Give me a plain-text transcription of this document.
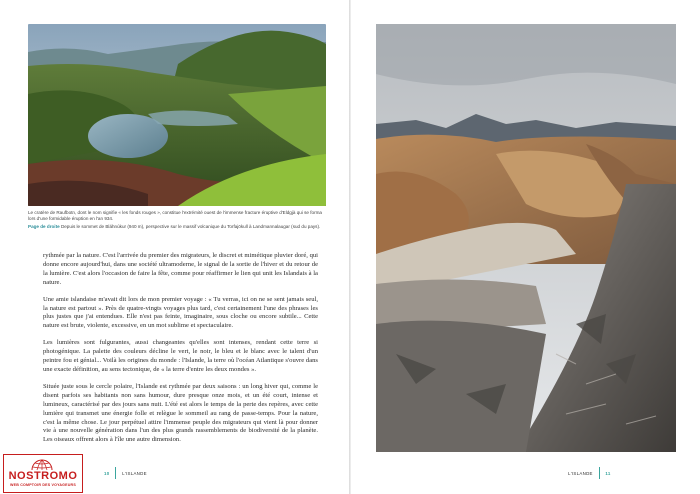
Le cratère de Raufbotn, dont le nom signifie « les fonds rouges », constitue l'extrémité ouest de l'immense fracture éruptive d'Eldgjà qui se forma lors d'une formidable éruption en l'an 934.

Page de droite Depuis le sommet de Bláhnúkur (940 m), perspective sur le massif volcanique du Torfajökull à Landmannalaugar (sud du pays).

rythmée par la nature. C'est l'arrivée du premier des migrateurs, le discret et mimétique pluvier doré, qui donne encore aujourd'hui, dans une société ultramoderne, le signal de la sortie de l'hiver et du retour de la lumière. C'est alors l'occasion de faire la fête, comme pour réaffirmer le lien qui unit les Islandais à la nature.

Une amie islandaise m'avait dit lors de mon premier voyage : « Tu verras, ici on ne se sent jamais seul, la nature est partout ». Près de quatre-vingts voyages plus tard, c'est certainement l'une des phrases les plus justes que j'ai entendues. Elle n'est pas feinte, imaginaire, sous cloche ou encore subtile... Cette nature est brute, violente, excessive, en un mot sublime et spectaculaire.

Les lumières sont fulgurantes, aussi changeantes qu'elles sont intenses, rendant cette terre si photogénique. La palette des couleurs décline le vert, le noir, le bleu et le blanc avec le talent d'un peintre fou et génial... Voilà les origines du monde : l'Islande, la terre où l'océan Atlantique s'ouvre dans une exacte définition, au sens tectonique, de « la terre d'entre les deux mondes ».

Située juste sous le cercle polaire, l'Islande est rythmée par deux saisons : un long hiver qui, comme le disent parfois ses habitants non sans humour, dure presque onze mois, et un été court, intense et lumineux, caractérisé par des jours sans nuit. L'été est alors le temps de la perte des repères, avec cette lumière qui transmet une énergie folle et relègue le sommeil au rang de passe-temps. Pour la nature, c'est la même chose. Le jour perpétuel attire l'immense peuple des migrateurs qui vient là pour donner vie à une nouvelle génération dans l'un des plus grands rassemblements de biodiversité de la planète. Les oiseaux offrent alors à l'île une autre dimension.

10	L'ISLANDE	L'ISLANDE	11
NOSTROMO
WEB COMPTOIR DES VOYAGEURS
